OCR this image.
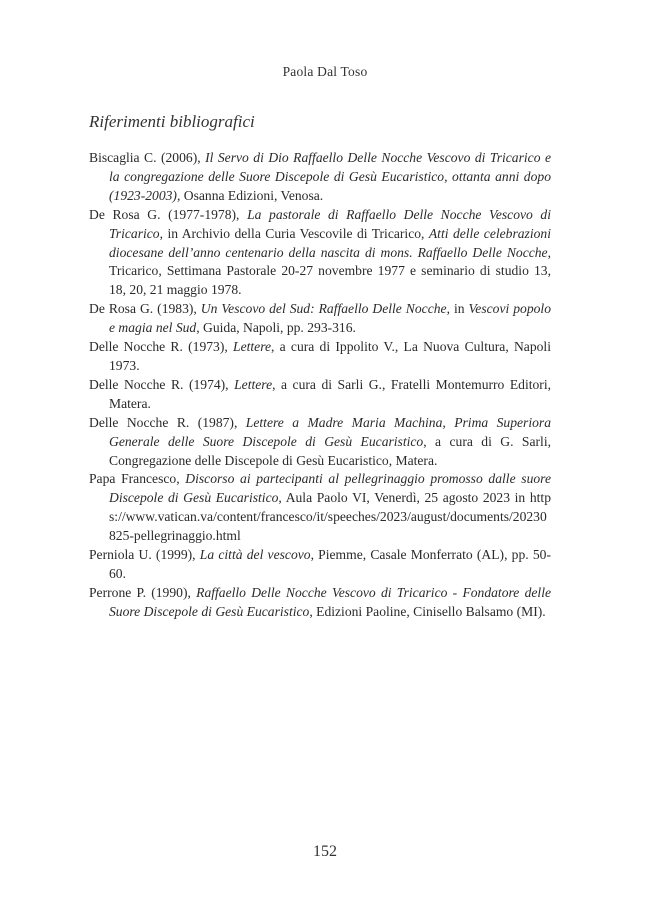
Paola Dal Toso
Riferimenti bibliografici
Biscaglia C. (2006), Il Servo di Dio Raffaello Delle Nocche Vescovo di Tricarico e la congregazione delle Suore Discepole di Gesù Eucaristico, ottanta anni dopo (1923-2003), Osanna Edizioni, Venosa.
De Rosa G. (1977-1978), La pastorale di Raffaello Delle Nocche Vescovo di Tricarico, in Archivio della Curia Vescovile di Tricarico, Atti delle celebrazioni diocesane dell’anno centenario della nascita di mons. Raffaello Delle Nocche, Tricarico, Settimana Pastorale 20-27 novembre 1977 e seminario di studio 13, 18, 20, 21 maggio 1978.
De Rosa G. (1983), Un Vescovo del Sud: Raffaello Delle Nocche, in Vescovi popolo e magia nel Sud, Guida, Napoli, pp. 293-316.
Delle Nocche R. (1973), Lettere, a cura di Ippolito V., La Nuova Cultura, Napoli 1973.
Delle Nocche R. (1974), Lettere, a cura di Sarli G., Fratelli Montemurro Editori, Matera.
Delle Nocche R. (1987), Lettere a Madre Maria Machina, Prima Superiora Generale delle Suore Discepole di Gesù Eucaristico, a cura di G. Sarli, Congregazione delle Discepole di Gesù Eucaristico, Matera.
Papa Francesco, Discorso ai partecipanti al pellegrinaggio promosso dalle suore Discepole di Gesù Eucaristico, Aula Paolo VI, Venerdì, 25 agosto 2023 in https://www.vatican.va/content/francesco/it/speeches/2023/august/documents/20230825-pellegrinaggio.html
Perniola U. (1999), La città del vescovo, Piemme, Casale Monferrato (AL), pp. 50-60.
Perrone P. (1990), Raffaello Delle Nocche Vescovo di Tricarico - Fondatore delle Suore Discepole di Gesù Eucaristico, Edizioni Paoline, Cinisello Balsamo (MI).
152
